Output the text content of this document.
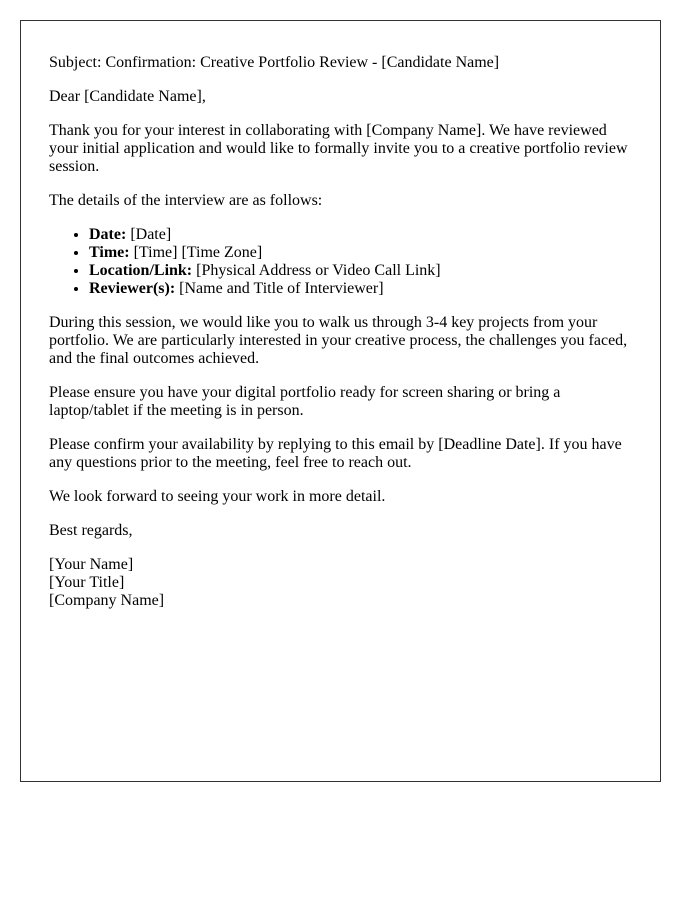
Subject: Confirmation: Creative Portfolio Review - [Candidate Name]

Dear [Candidate Name],

Thank you for your interest in collaborating with [Company Name]. We have reviewed your initial application and would like to formally invite you to a creative portfolio review session.

The details of the interview are as follows:

• Date: [Date]
• Time: [Time] [Time Zone]
• Location/Link: [Physical Address or Video Call Link]
• Reviewer(s): [Name and Title of Interviewer]

During this session, we would like you to walk us through 3-4 key projects from your portfolio. We are particularly interested in your creative process, the challenges you faced, and the final outcomes achieved.

Please ensure you have your digital portfolio ready for screen sharing or bring a laptop/tablet if the meeting is in person.

Please confirm your availability by replying to this email by [Deadline Date]. If you have any questions prior to the meeting, feel free to reach out.

We look forward to seeing your work in more detail.

Best regards,

[Your Name]
[Your Title]
[Company Name]
